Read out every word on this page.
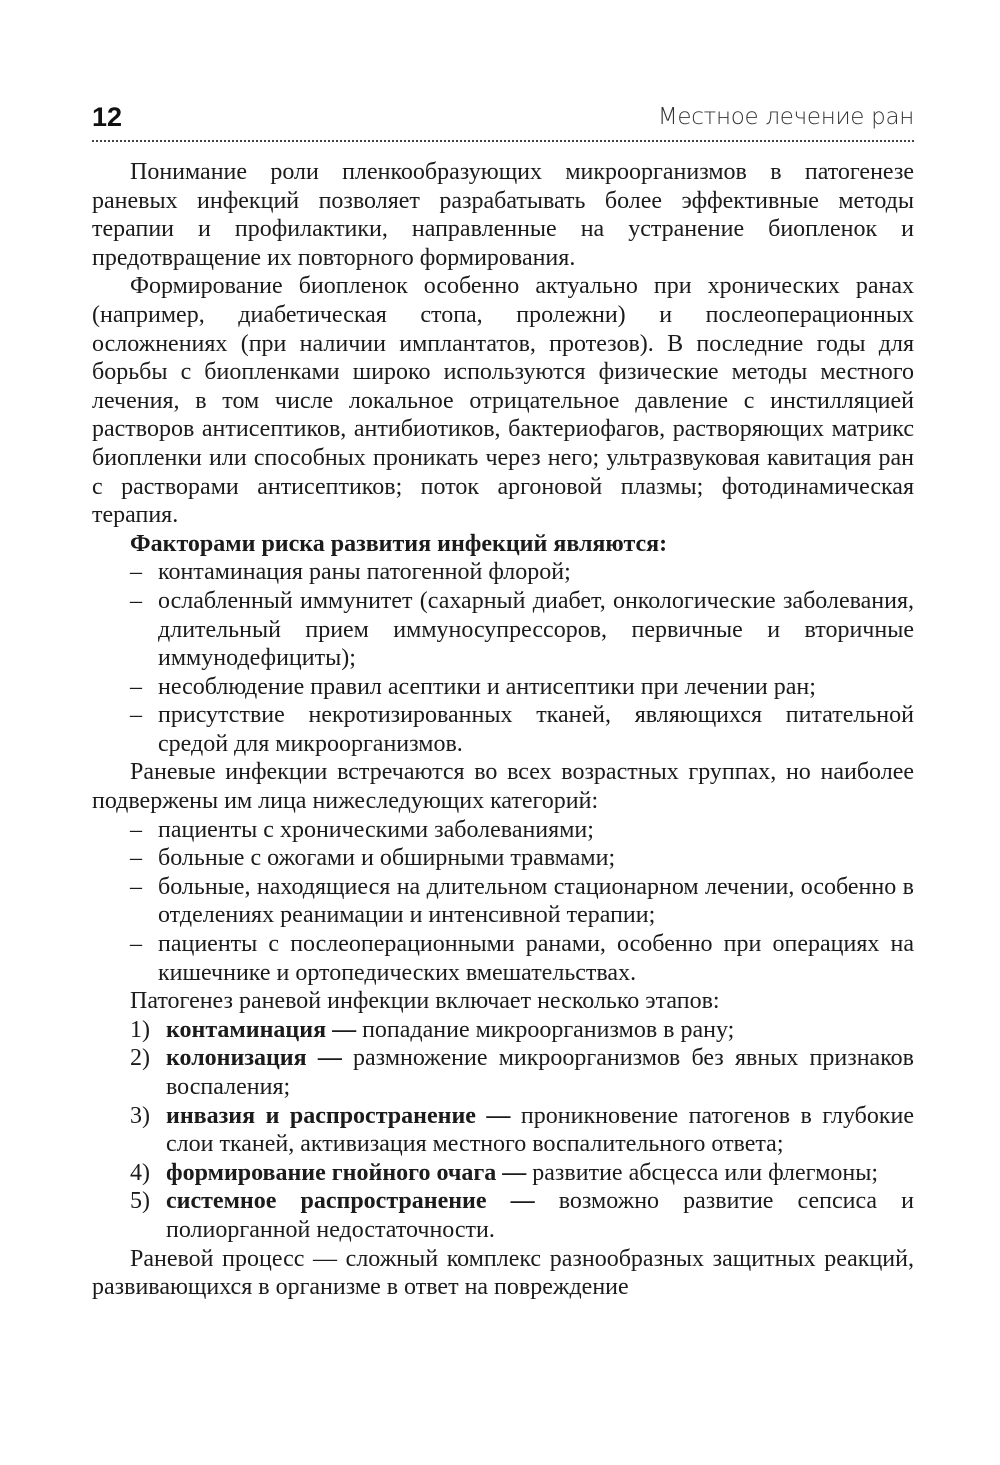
12	Местное лечение ран

Понимание роли пленкообразующих микроорганизмов в патогенезе раневых инфекций позволяет разрабатывать более эффективные методы терапии и профилактики, направленные на устранение биопленок и предотвращение их повторного формирования.

Формирование биопленок особенно актуально при хронических ранах (например, диабетическая стопа, пролежни) и послеоперационных осложнениях (при наличии имплантатов, протезов). В последние годы для борьбы с биопленками широко используются физические методы местного лечения, в том числе локальное отрицательное давление с инстилляцией растворов антисептиков, антибиотиков, бактериофагов, растворяющих матрикс биопленки или способных проникать через него; ультразвуковая кавитация ран с растворами антисептиков; поток аргоновой плазмы; фотодинамическая терапия.

Факторами риска развития инфекций являются:

– контаминация раны патогенной флорой;
– ослабленный иммунитет (сахарный диабет, онкологические заболевания, длительный прием иммуносупрессоров, первичные и вторичные иммунодефициты);
– несоблюдение правил асептики и антисептики при лечении ран;
– присутствие некротизированных тканей, являющихся питательной средой для микроорганизмов.

Раневые инфекции встречаются во всех возрастных группах, но наиболее подвержены им лица нижеследующих категорий:

– пациенты с хроническими заболеваниями;
– больные с ожогами и обширными травмами;
– больные, находящиеся на длительном стационарном лечении, особенно в отделениях реанимации и интенсивной терапии;
– пациенты с послеоперационными ранами, особенно при операциях на кишечнике и ортопедических вмешательствах.

Патогенез раневой инфекции включает несколько этапов:

1) контаминация — попадание микроорганизмов в рану;
2) колонизация — размножение микроорганизмов без явных признаков воспаления;
3) инвазия и распространение — проникновение патогенов в глубокие слои тканей, активизация местного воспалительного ответа;
4) формирование гнойного очага — развитие абсцесса или флегмоны;
5) системное распространение — возможно развитие сепсиса и полиорганной недостаточности.

Раневой процесс — сложный комплекс разнообразных защитных реакций, развивающихся в организме в ответ на повреждение
